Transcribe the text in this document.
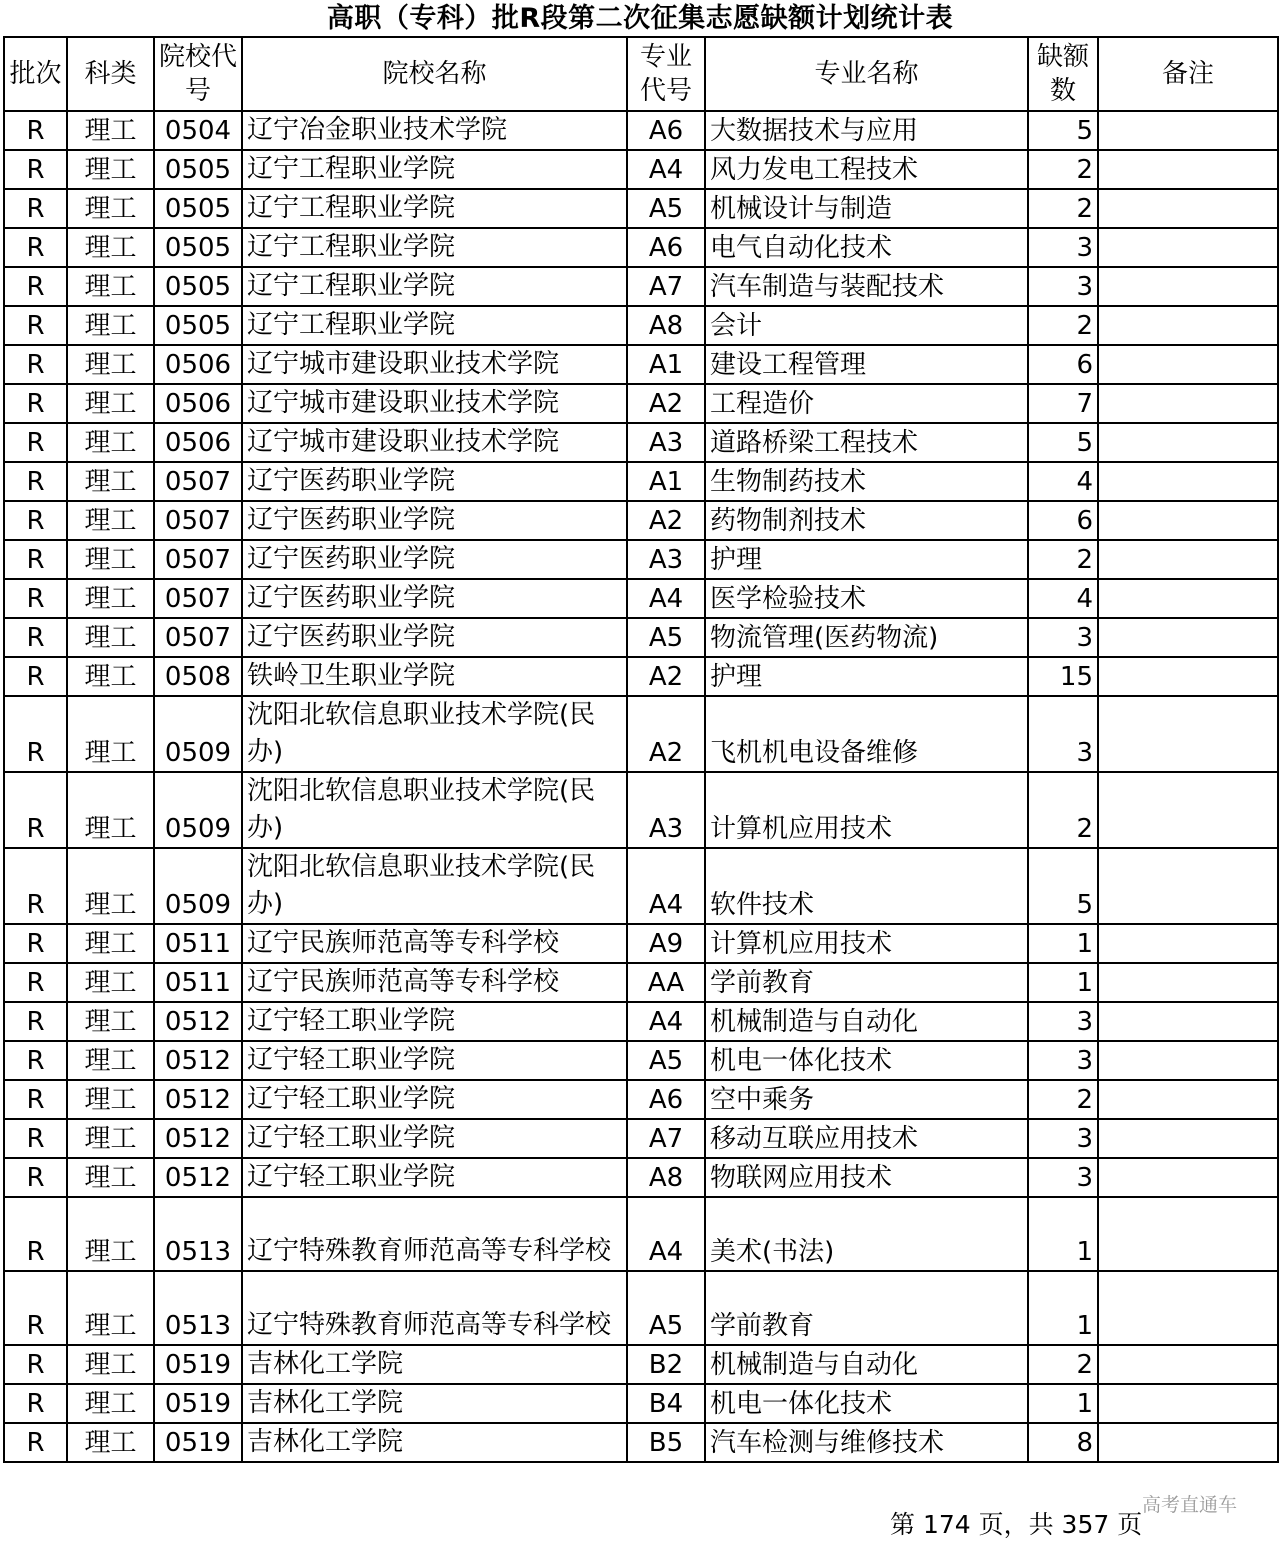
高职（专科）批R段第二次征集志愿缺额计划统计表
批次	科类	院校代号	院校名称	专业代号	专业名称	缺额数	备注
R	理工	0504	辽宁冶金职业技术学院	A6	大数据技术与应用	5	
R	理工	0505	辽宁工程职业学院	A4	风力发电工程技术	2	
R	理工	0505	辽宁工程职业学院	A5	机械设计与制造	2	
R	理工	0505	辽宁工程职业学院	A6	电气自动化技术	3	
R	理工	0505	辽宁工程职业学院	A7	汽车制造与装配技术	3	
R	理工	0505	辽宁工程职业学院	A8	会计	2	
R	理工	0506	辽宁城市建设职业技术学院	A1	建设工程管理	6	
R	理工	0506	辽宁城市建设职业技术学院	A2	工程造价	7	
R	理工	0506	辽宁城市建设职业技术学院	A3	道路桥梁工程技术	5	
R	理工	0507	辽宁医药职业学院	A1	生物制药技术	4	
R	理工	0507	辽宁医药职业学院	A2	药物制剂技术	6	
R	理工	0507	辽宁医药职业学院	A3	护理	2	
R	理工	0507	辽宁医药职业学院	A4	医学检验技术	4	
R	理工	0507	辽宁医药职业学院	A5	物流管理(医药物流)	3	
R	理工	0508	铁岭卫生职业学院	A2	护理	15	
R	理工	0509	沈阳北软信息职业技术学院(民办)	A2	飞机机电设备维修	3	
R	理工	0509	沈阳北软信息职业技术学院(民办)	A3	计算机应用技术	2	
R	理工	0509	沈阳北软信息职业技术学院(民办)	A4	软件技术	5	
R	理工	0511	辽宁民族师范高等专科学校	A9	计算机应用技术	1	
R	理工	0511	辽宁民族师范高等专科学校	AA	学前教育	1	
R	理工	0512	辽宁轻工职业学院	A4	机械制造与自动化	3	
R	理工	0512	辽宁轻工职业学院	A5	机电一体化技术	3	
R	理工	0512	辽宁轻工职业学院	A6	空中乘务	2	
R	理工	0512	辽宁轻工职业学院	A7	移动互联应用技术	3	
R	理工	0512	辽宁轻工职业学院	A8	物联网应用技术	3	
R	理工	0513	辽宁特殊教育师范高等专科学校	A4	美术(书法)	1	
R	理工	0513	辽宁特殊教育师范高等专科学校	A5	学前教育	1	
R	理工	0519	吉林化工学院	B2	机械制造与自动化	2	
R	理工	0519	吉林化工学院	B4	机电一体化技术	1	
R	理工	0519	吉林化工学院	B5	汽车检测与维修技术	8	
第 174 页，共 357 页
高考直通车
